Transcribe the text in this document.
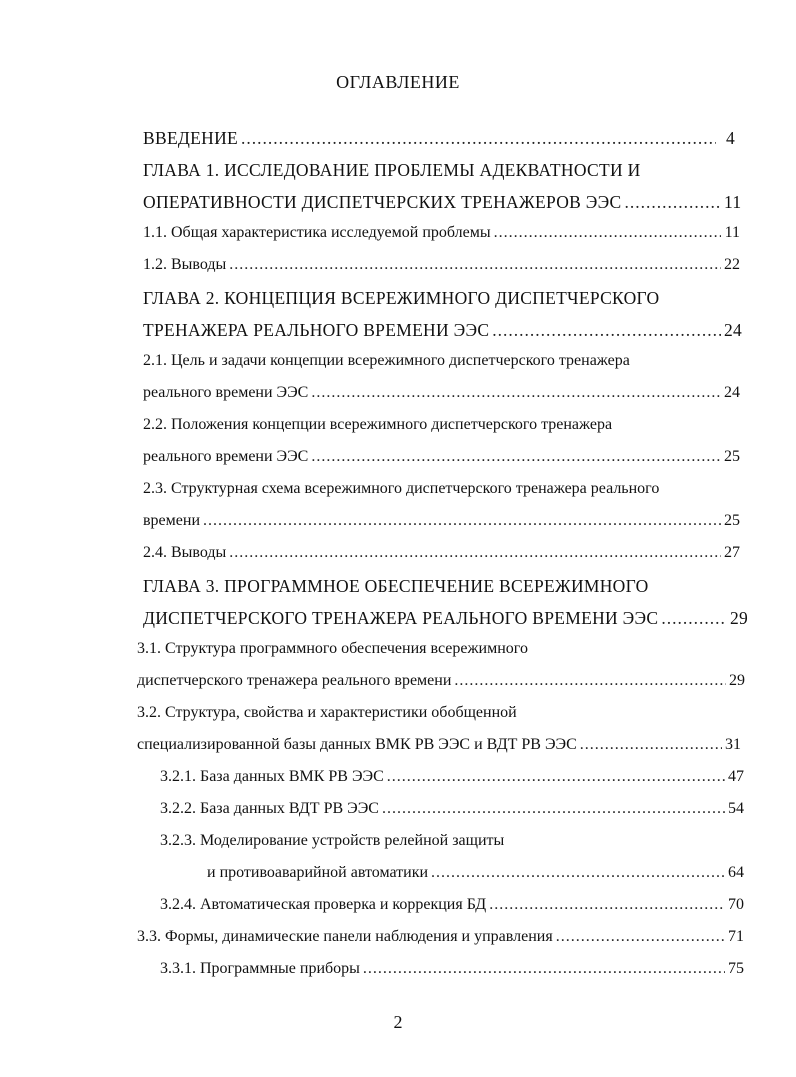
ОГЛАВЛЕНИЕ
ВВЕДЕНИЕ .....	4
ГЛАВА 1. ИССЛЕДОВАНИЕ ПРОБЛЕМЫ АДЕКВАТНОСТИ И
ОПЕРАТИВНОСТИ ДИСПЕТЧЕРСКИХ ТРЕНАЖЕРОВ ЭЭС .....	11
1.1. Общая характеристика исследуемой проблемы .....	11
1.2. Выводы .....	22
ГЛАВА 2. КОНЦЕПЦИЯ ВСЕРЕЖИМНОГО ДИСПЕТЧЕРСКОГО
ТРЕНАЖЕРА РЕАЛЬНОГО ВРЕМЕНИ ЭЭС .....	24
2.1. Цель и задачи концепции всережимного диспетчерского тренажера
реального времени ЭЭС .....	24
2.2. Положения концепции всережимного диспетчерского тренажера
реального времени ЭЭС .....	25
2.3. Структурная схема всережимного диспетчерского тренажера реального
времени .....	25
2.4. Выводы .....	27
ГЛАВА 3. ПРОГРАММНОЕ ОБЕСПЕЧЕНИЕ ВСЕРЕЖИМНОГО
ДИСПЕТЧЕРСКОГО ТРЕНАЖЕРА РЕАЛЬНОГО ВРЕМЕНИ ЭЭС .....	29
3.1. Структура программного обеспечения всережимного
диспетчерского тренажера реального времени .....	29
3.2. Структура, свойства и характеристики обобщенной
специализированной базы данных ВМК РВ ЭЭС и ВДТ РВ ЭЭС .....	31
3.2.1. База данных ВМК РВ ЭЭС .....	47
3.2.2. База данных ВДТ РВ ЭЭС .....	54
3.2.3. Моделирование устройств релейной защиты
и противоаварийной автоматики .....	64
3.2.4. Автоматическая проверка и коррекция БД .....	70
3.3. Формы, динамические панели наблюдения и управления .....	71
3.3.1. Программные приборы .....	75
2
